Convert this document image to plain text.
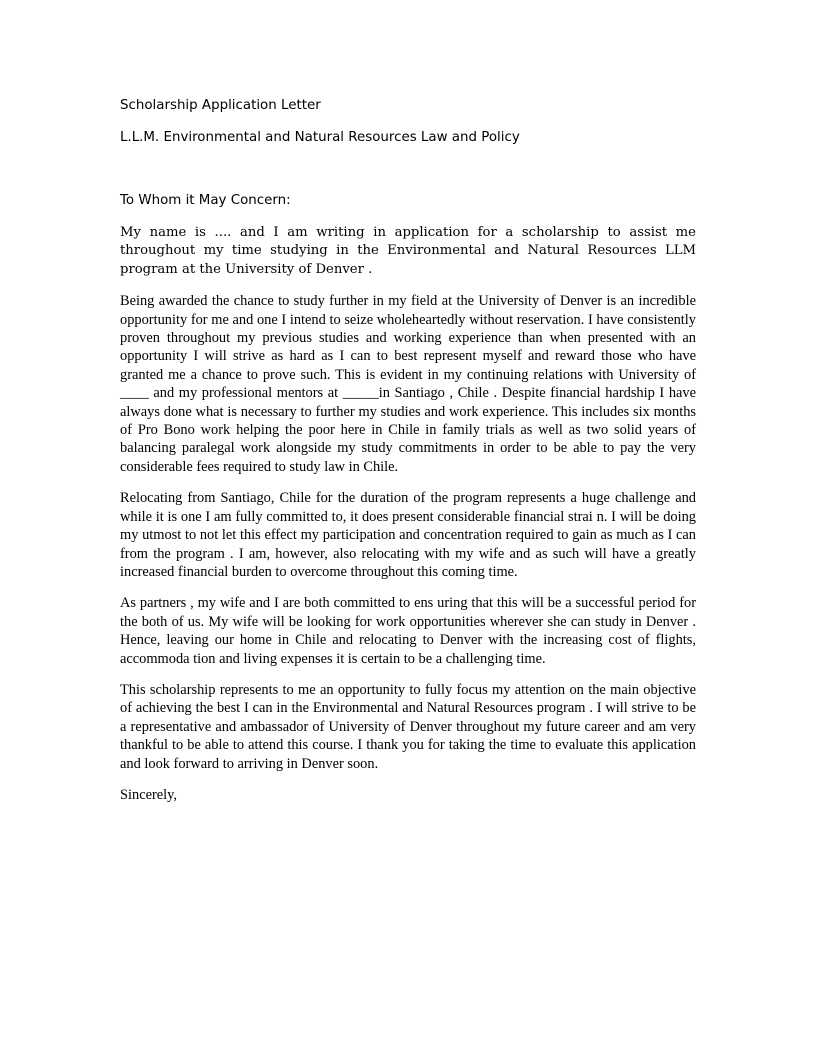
Scholarship Application Letter

L.L.M. Environmental and Natural Resources Law and Policy

To Whom it May Concern:

My name is .... and I am writing in application for a scholarship to assist me throughout my time studying in the Environmental and Natural Resources LLM program at the University of Denver .

Being awarded the chance to study further in my field at the University of Denver is an incredible opportunity for me and one I intend to seize wholeheartedly without reservation. I have consistently proven throughout my previous studies and working experience than when presented with an opportunity I will strive as hard as I can to best represent myself and reward those who have granted me a chance to prove such. This is evident in my continuing relations with University of ____ and my professional mentors at _____in Santiago , Chile . Despite financial hardship I have always done what is necessary to further my studies and work experience. This includes six months of Pro Bono work helping the poor here in Chile in family trials as well as two solid years of balancing paralegal work alongside my study commitments in order to be able to pay the very considerable fees required to study law in Chile.

Relocating from Santiago, Chile for the duration of the program represents a huge challenge and while it is one I am fully committed to, it does present considerable financial strai n. I will be doing my utmost to not let this effect my participation and concentration required to gain as much as I can from the program . I am, however, also relocating with my wife and as such will have a greatly increased financial burden to overcome throughout this coming time.

As partners , my wife and I are both committed to ens uring that this will be a successful period for the both of us. My wife will be looking for work opportunities wherever she can study in Denver . Hence, leaving our home in Chile and relocating to Denver with the increasing cost of flights, accommoda tion and living expenses it is certain to be a challenging time.

This scholarship represents to me an opportunity to fully focus my attention on the main objective of achieving the best I can in the Environmental and Natural Resources program . I will strive to be a representative and ambassador of University of Denver throughout my future career and am very thankful to be able to attend this course. I thank you for taking the time to evaluate this application and look forward to arriving in Denver soon.

Sincerely,
